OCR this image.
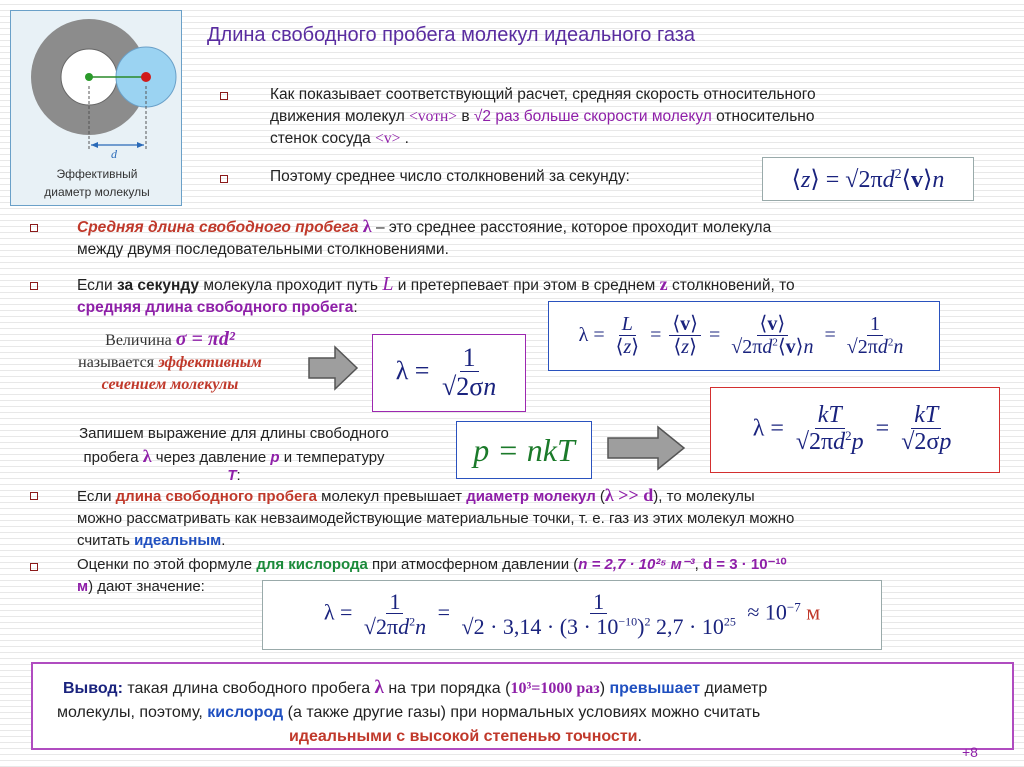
d
Эффективный
диаметр молекулы
Длина свободного пробега молекул идеального газа
Как показывает соответствующий расчет, средняя скорость относительного
движения молекул <vотн> в √2 раз больше скорости молекул относительно
стенок сосуда <v> .
Поэтому среднее число столкновений за секунду:	⟨z⟩ = $√2\pi d^2⟨v⟩n$
Средняя длина свободного пробега λ – это среднее расстояние, которое проходит молекула
между двумя последовательными столкновениями.
Если за секунду молекула проходит путь L и претерпевает при этом в среднем z столкновений, то
средняя длина свободного пробега:
$\lambda = \frac{L}{⟨z⟩} = \frac{⟨v⟩}{⟨z⟩} = \frac{⟨v⟩}{√2\pi d^2⟨v⟩n} = \frac{1}{√2\pi d^2n}$
Величина σ = πd²
называется эффективным
сечением молекулы	$\lambda = \frac{1}{√2\sigma n}$
Запишем выражение для длины свободного
пробега λ через давление p и температуру
T:
p = nkT
$\lambda = \frac{kT}{√2\pi d^2p} = \frac{kT}{√2\sigma p}$
Если длина свободного пробега молекул превышает диаметр молекул (λ >> d), то молекулы
можно рассматривать как невзаимодействующие материальные точки, т. е. газ из этих молекул можно
считать идеальным.
Оценки по этой формуле для кислорода при атмосферном давлении (n = 2,7 · 10²⁵ м⁻³, d = 3 · 10⁻¹⁰
м) дают значение:
$\lambda = \frac{1}{√2\pi d^2n} = \frac{1}{√2 \cdot 3,14 \cdot (3 \cdot 10^{-10})^2 2,7 \cdot 10^{25}} \approx 10^{-7}$ м
Вывод: такая длина свободного пробега λ на три порядка (10³=1000 раз) превышает диаметр
молекулы, поэтому, кислород (а также другие газы) при нормальных условиях можно считать
идеальными с высокой степенью точности.
+8
